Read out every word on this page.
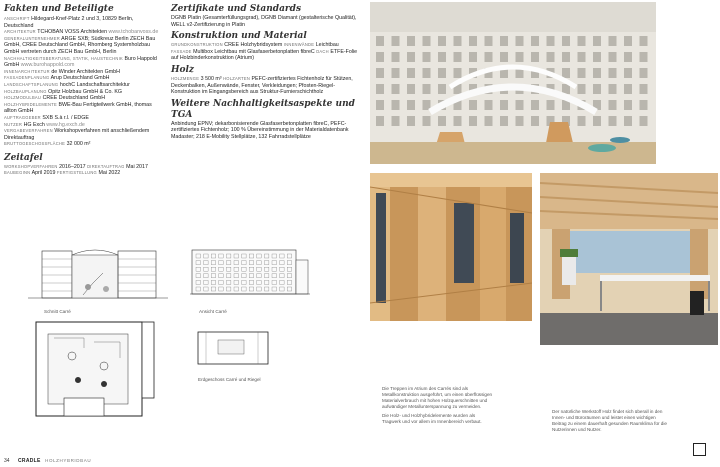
Fakten und Beteiligte
ANSCHRIFT Hildegard-Knef-Platz 2 und 3, 10829 Berlin, Deutschland
ARCHITEKTUR TCHOBAN VOSS Architekten www.tchobanvoss.de
GENERALUNTERNEHMER ARGE SXB; Südkreuz Berlin ZECH Bau GmbH, CREE Deutschland GmbH, Rhomberg Systemholzbau GmbH vertreten durch ZECH Bau GmbH, Berlin
NACHHALTIGKEITSBERATUNG, STATIK, HAUSTECHNIK Buro Happold GmbH www.burohappold.com
INNENARCHITEKTUR de Winder Architekten GmbH
FASSADENPLANUNG Arup Deutschland GmbH
LANDSCHAFTSPLANUNG hochC Landschaftsarchitektur
HOLZBAUPLANUNG Opitz Holzbau GmbH & Co. KG
HOLZMODULBAU CREE Deutschland GmbH
HOLZHYBRIDELEMENTE BWE-Bau Fertigteilwerk GmbH, thomas allton GmbH
AUFTRAGGEBER SXB S.à r.l. / EDGE
NUTZER HG Exch www.hg.exch.de
VERGABEVERFAHREN Workshopverfahren mit anschließendem Direktauftrag
BRUTTOGESCHOSSFLÄCHE 32 000 m²
Zeitafel
WORKSHOPVERFAHREN 2016–2017 DIREKTAUFTRAG Mai 2017 BAUBEGINN April 2019 FERTIGSTELLUNG Mai 2022
Zertifikate und Standards
DGNB Platin (Gesamterfüllungsgrad), DGNB Diamant (gestalterische Qualität), WELL v2-Zertifizierung in Platin
Konstruktion und Material
GRUNDKONSTRUKTION CREE Holzhybridsystem INNENWÄNDE Leichtbau FASSADE Multibox Leichtbau mit Glasfaserbetonplatten fibreC DACH ETFE-Folie auf Holzbinderkonstruktion (Atrium)
Holz
HOLZMENGE 3 500 m³ HOLZARTEN PEFC-zertifiziertes Fichtenholz für Stützen, Deckenbalken, Außenwände, Fenster, Verkleidungen; Pfosten-Riegel-Konstruktion im Eingangsbereich aus Struktur-Furnierschichtholz
Weitere Nachhaltigkeitsaspekte und TGA
Anbindung EPNV; dekarbonisierende Glasfaserbetonplatten fibreC, PEFC-zertifiziertes Fichtenholz; 100 % Übereinstimmung in der Materialdatenbank Madaster; 218 E-Mobility Stellplätze, 132 Fahrradstellplätze
Schnitt Carré	Ansicht Carré
Erdgeschoss Carré und Riegel
Die Treppen im Atrium des Carrés sind als Metallkonstruktion ausgeführt, um einen überflüssigen Materialverbrauch mit hohen Holzquerschnitten und aufwändiger Metallunterspannung zu vermeiden.
Die Holz- und Holzhybridelemente wurden als Tragwerk und vor allem im Innenbereich verbaut.
Der natürliche Werkstoff Holz findet sich überall in den Innen- und Büroräumen und leistet einen wichtigen Beitrag zu einem dauerhaft gesunden Raumklima für die Nutzerinnen und Nutzer.
34 CRADLE HOLZHYBRIDBAU
